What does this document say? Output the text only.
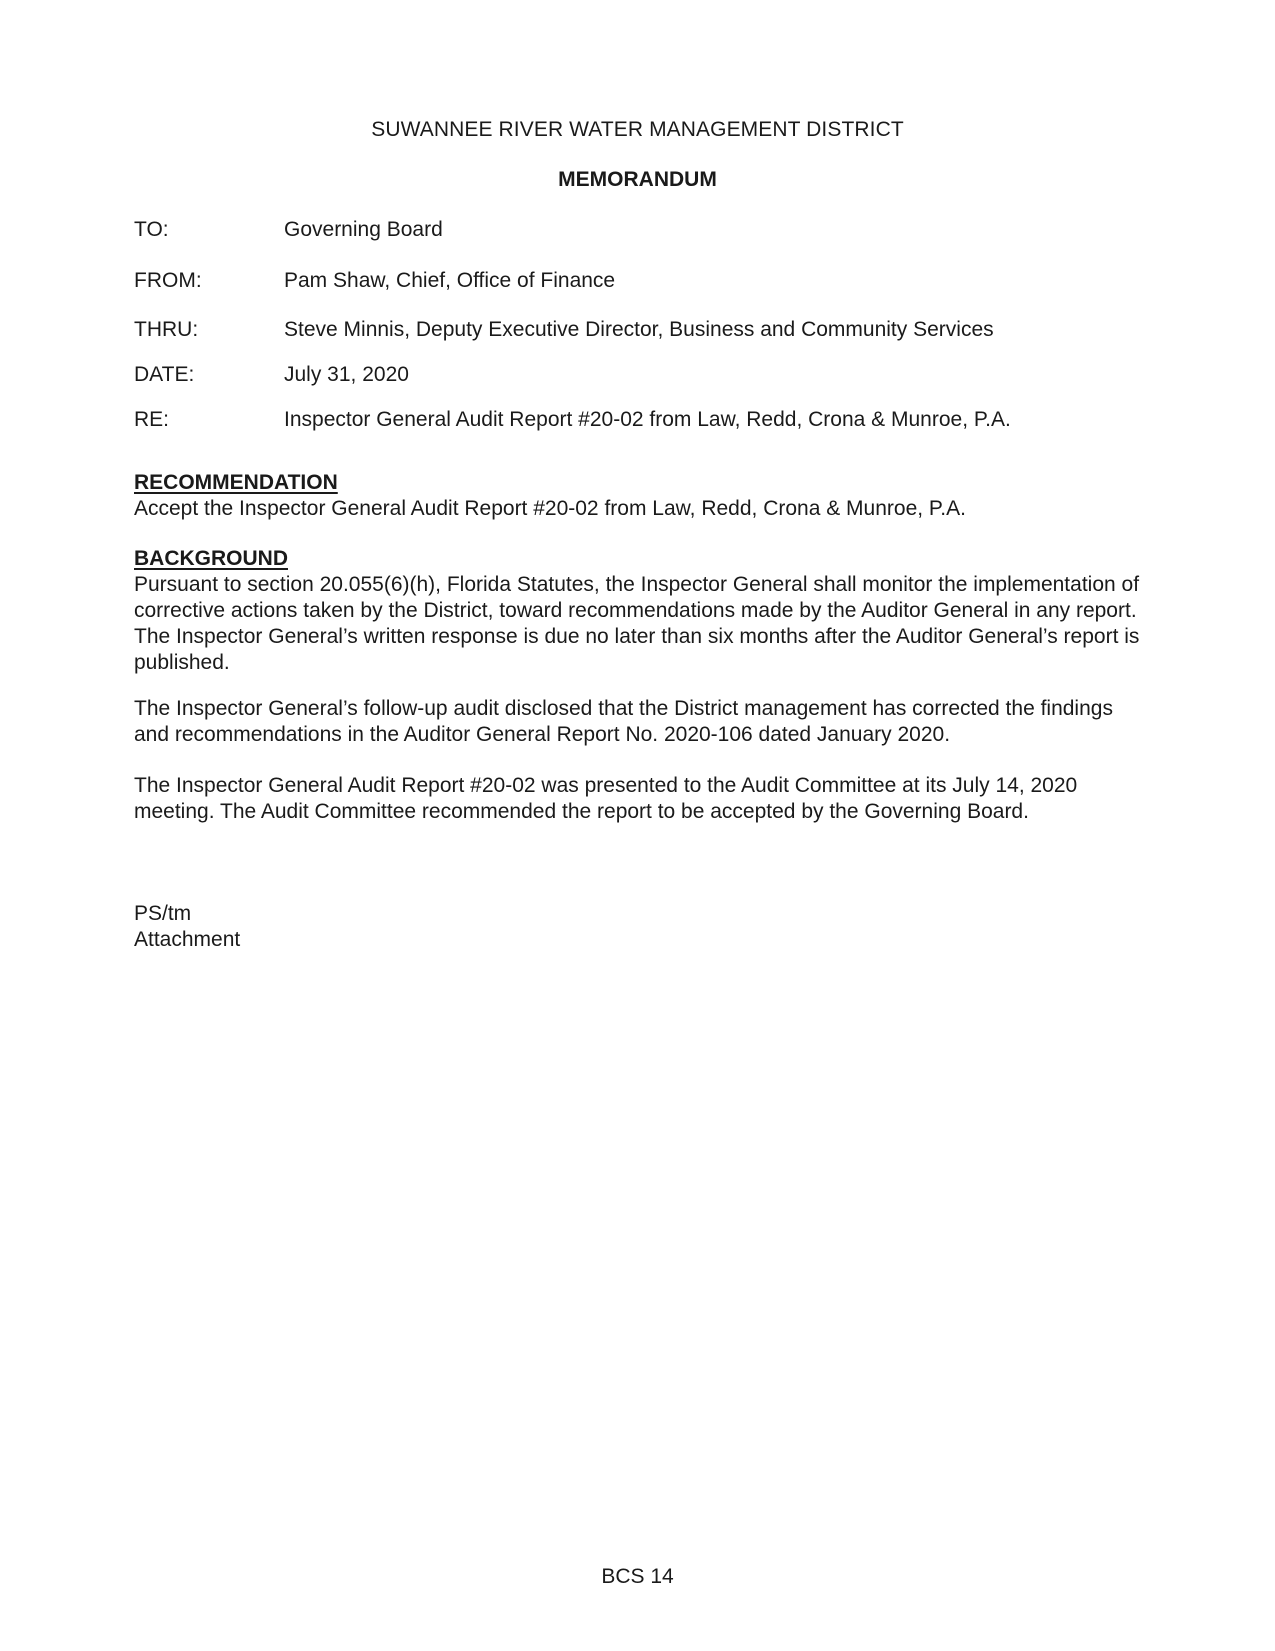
SUWANNEE RIVER WATER MANAGEMENT DISTRICT
MEMORANDUM
TO:	Governing Board
FROM:	Pam Shaw, Chief, Office of Finance
THRU:	Steve Minnis, Deputy Executive Director, Business and Community Services
DATE:	July 31, 2020
RE:	Inspector General Audit Report #20-02 from Law, Redd, Crona & Munroe, P.A.
RECOMMENDATION
Accept the Inspector General Audit Report #20-02 from Law, Redd, Crona & Munroe, P.A.
BACKGROUND
Pursuant to section 20.055(6)(h), Florida Statutes, the Inspector General shall monitor the implementation of corrective actions taken by the District, toward recommendations made by the Auditor General in any report. The Inspector General’s written response is due no later than six months after the Auditor General’s report is published.
The Inspector General’s follow-up audit disclosed that the District management has corrected the findings and recommendations in the Auditor General Report No. 2020-106 dated January 2020.
The Inspector General Audit Report #20-02 was presented to the Audit Committee at its July 14, 2020 meeting. The Audit Committee recommended the report to be accepted by the Governing Board.
PS/tm
Attachment
BCS 14
